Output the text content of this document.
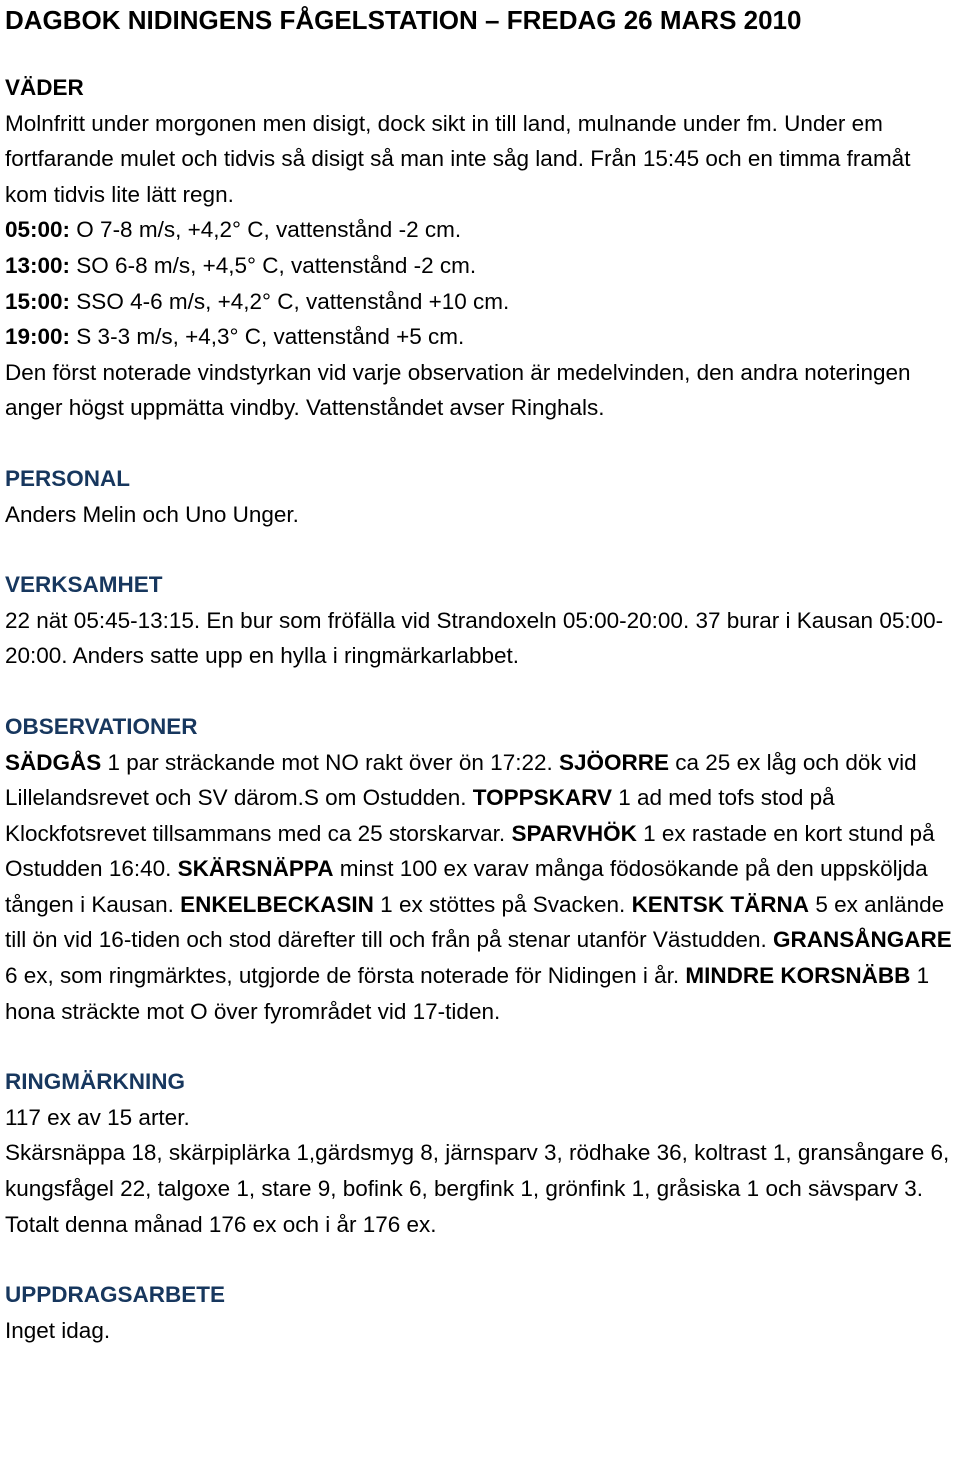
DAGBOK NIDINGENS FÅGELSTATION – FREDAG 26 MARS 2010
VÄDER

Molnfritt under morgonen men disigt, dock sikt in till land, mulnande under fm. Under em fortfarande mulet och tidvis så disigt så man inte såg land. Från 15:45 och en timma framåt kom tidvis lite lätt regn.

05:00: O 7-8 m/s, +4,2° C, vattenstånd -2 cm.
13:00: SO 6-8 m/s, +4,5° C, vattenstånd -2 cm.
15:00: SSO 4-6 m/s, +4,2° C, vattenstånd +10 cm.
19:00: S 3-3 m/s, +4,3° C, vattenstånd +5 cm.

Den först noterade vindstyrkan vid varje observation är medelvinden, den andra noteringen anger högst uppmätta vindby. Vattenståndet avser Ringhals.

PERSONAL

Anders Melin och Uno Unger.

VERKSAMHET

22 nät 05:45-13:15. En bur som fröfälla vid Strandoxeln 05:00-20:00. 37 burar i Kausan 05:00-20:00. Anders satte upp en hylla i ringmärkarlabbet.

OBSERVATIONER

SÄDGÅS 1 par sträckande mot NO rakt över ön 17:22. SJÖORRE ca 25 ex låg och dök vid Lillelandsrevet och SV därom.S om Ostudden. TOPPSKARV 1 ad med tofs stod på Klockfotsrevet tillsammans med ca 25 storskarvar. SPARVHÖK 1 ex rastade en kort stund på Ostudden 16:40. SKÄRSNÄPPA minst 100 ex varav många födosökande på den uppsköljda tången i Kausan. ENKELBECKASIN 1 ex stöttes på Svacken. KENTSK TÄRNA 5 ex anlände till ön vid 16-tiden och stod därefter till och från på stenar utanför Västudden. GRANSÅNGARE 6 ex, som ringmärktes, utgjorde de första noterade för Nidingen i år. MINDRE KORSNÄBB 1 hona sträckte mot O över fyrområdet vid 17-tiden.

RINGMÄRKNING

117 ex av 15 arter.

Skärsnäppa 18, skärpiplärka 1,gärdsmyg 8, järnsparv 3, rödhake 36, koltrast 1, gransångare 6, kungsfågel 22, talgoxe 1, stare 9, bofink 6, bergfink 1, grönfink 1, gråsiska 1 och sävsparv 3.

Totalt denna månad 176 ex och i år 176 ex.

UPPDRAGSARBETE

Inget idag.
